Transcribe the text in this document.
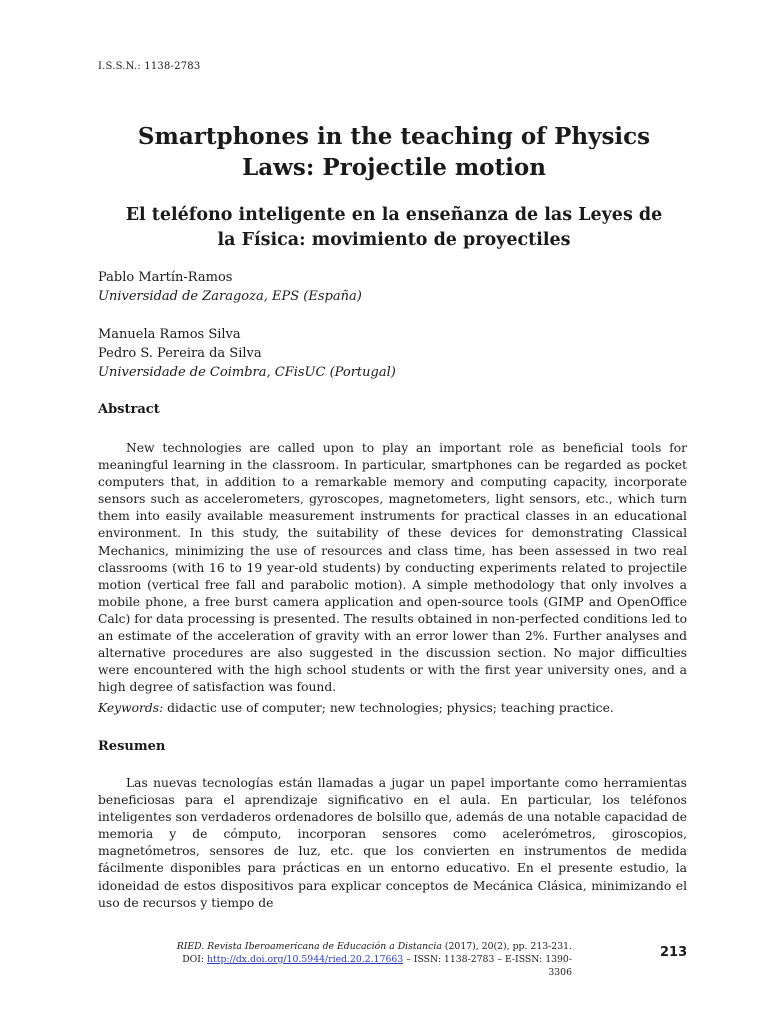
I.S.S.N.: 1138-2783
Smartphones in the teaching of Physics
Laws: Projectile motion
El teléfono inteligente en la enseñanza de las Leyes de
la Física: movimiento de proyectiles
Pablo Martín-Ramos
Universidad de Zaragoza, EPS (España)
Manuela Ramos Silva
Pedro S. Pereira da Silva
Universidade de Coimbra, CFisUC (Portugal)
Abstract

New technologies are called upon to play an important role as beneficial tools for meaningful learning in the classroom. In particular, smartphones can be regarded as pocket computers that, in addition to a remarkable memory and computing capacity, incorporate sensors such as accelerometers, gyroscopes, magnetometers, light sensors, etc., which turn them into easily available measurement instruments for practical classes in an educational environment. In this study, the suitability of these devices for demonstrating Classical Mechanics, minimizing the use of resources and class time, has been assessed in two real classrooms (with 16 to 19 year-old students) by conducting experiments related to projectile motion (vertical free fall and parabolic motion). A simple methodology that only involves a mobile phone, a free burst camera application and open-source tools (GIMP and OpenOffice Calc) for data processing is presented. The results obtained in non-perfected conditions led to an estimate of the acceleration of gravity with an error lower than 2%. Further analyses and alternative procedures are also suggested in the discussion section. No major difficulties were encountered with the high school students or with the first year university ones, and a high degree of satisfaction was found.

Keywords: didactic use of computer; new technologies; physics; teaching practice.
Resumen

Las nuevas tecnologías están llamadas a jugar un papel importante como herramientas beneficiosas para el aprendizaje significativo en el aula. En particular, los teléfonos inteligentes son verdaderos ordenadores de bolsillo que, además de una notable capacidad de memoria y de cómputo, incorporan sensores como acelerómetros, giroscopios, magnetómetros, sensores de luz, etc. que los convierten en instrumentos de medida fácilmente disponibles para prácticas en un entorno educativo. En el presente estudio, la idoneidad de estos dispositivos para explicar conceptos de Mecánica Clásica, minimizando el uso de recursos y tiempo de

RIED. Revista Iberoamericana de Educación a Distancia (2017), 20(2), pp. 213-231.
DOI: http://dx.doi.org/10.5944/ried.20.2.17663 – ISSN: 1138-2783 – E-ISSN: 1390-3306
213
